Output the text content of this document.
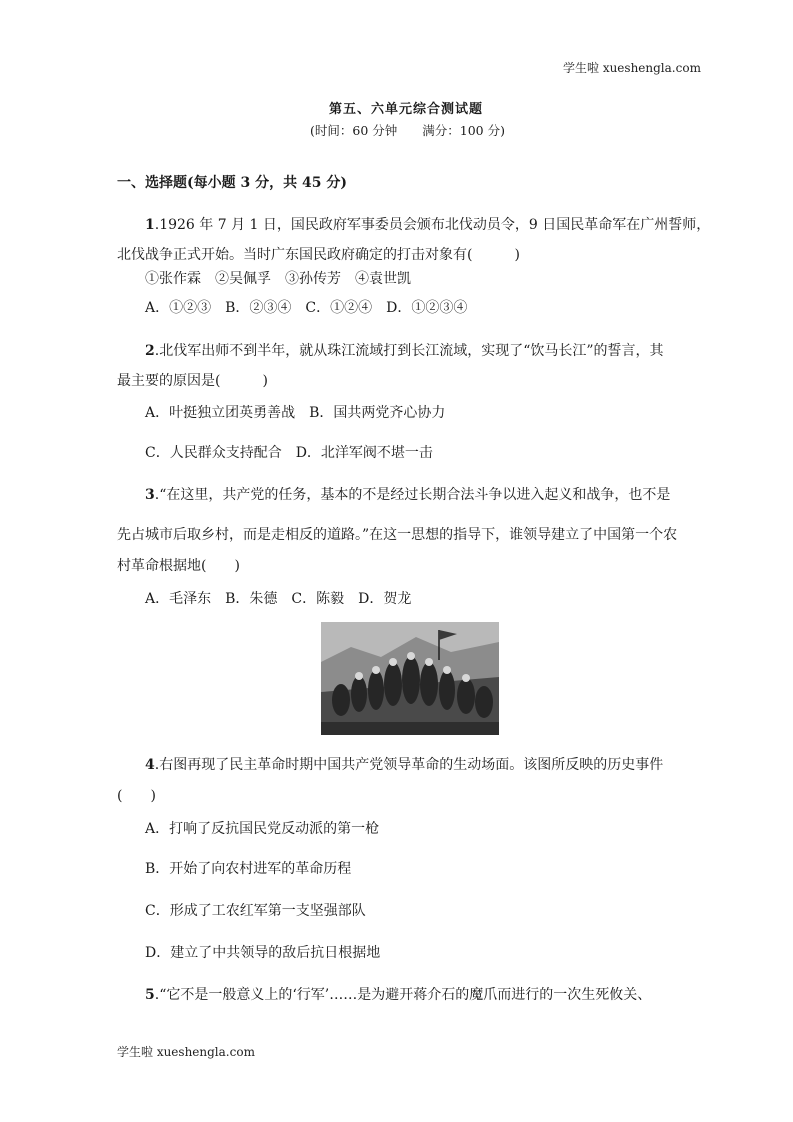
学生啦 xueshengla.com
第五、六单元综合测试题
(时间：60 分钟　　满分：100 分)
一、选择题(每小题 3 分，共 45 分)
1.1926 年 7 月 1 日，国民政府军事委员会颁布北伐动员令，9 日国民革命军在广州誓师，
北伐战争正式开始。当时广东国民政府确定的打击对象有(　　　)
①张作霖　②吴佩孚　③孙传芳　④袁世凯
A．①②③　B．②③④　C．①②④　D．①②③④
2.北伐军出师不到半年，就从珠江流域打到长江流域，实现了“饮马长江”的誓言，其
最主要的原因是(　　　)
A．叶挺独立团英勇善战　B．国共两党齐心协力
C．人民群众支持配合　D．北洋军阀不堪一击
3.“在这里，共产党的任务，基本的不是经过长期合法斗争以进入起义和战争，也不是
先占城市后取乡村，而是走相反的道路。”在这一思想的指导下，谁领导建立了中国第一个农
村革命根据地(　　)
A．毛泽东　B．朱德　C．陈毅　D．贺龙
4.右图再现了民主革命时期中国共产党领导革命的生动场面。该图所反映的历史事件
(　　)
A．打响了反抗国民党反动派的第一枪
B．开始了向农村进军的革命历程
C．形成了工农红军第一支坚强部队
D．建立了中共领导的敌后抗日根据地
5.“它不是一般意义上的‘行军’……是为避开蒋介石的魔爪而进行的一次生死攸关、
学生啦 xueshengla.com
